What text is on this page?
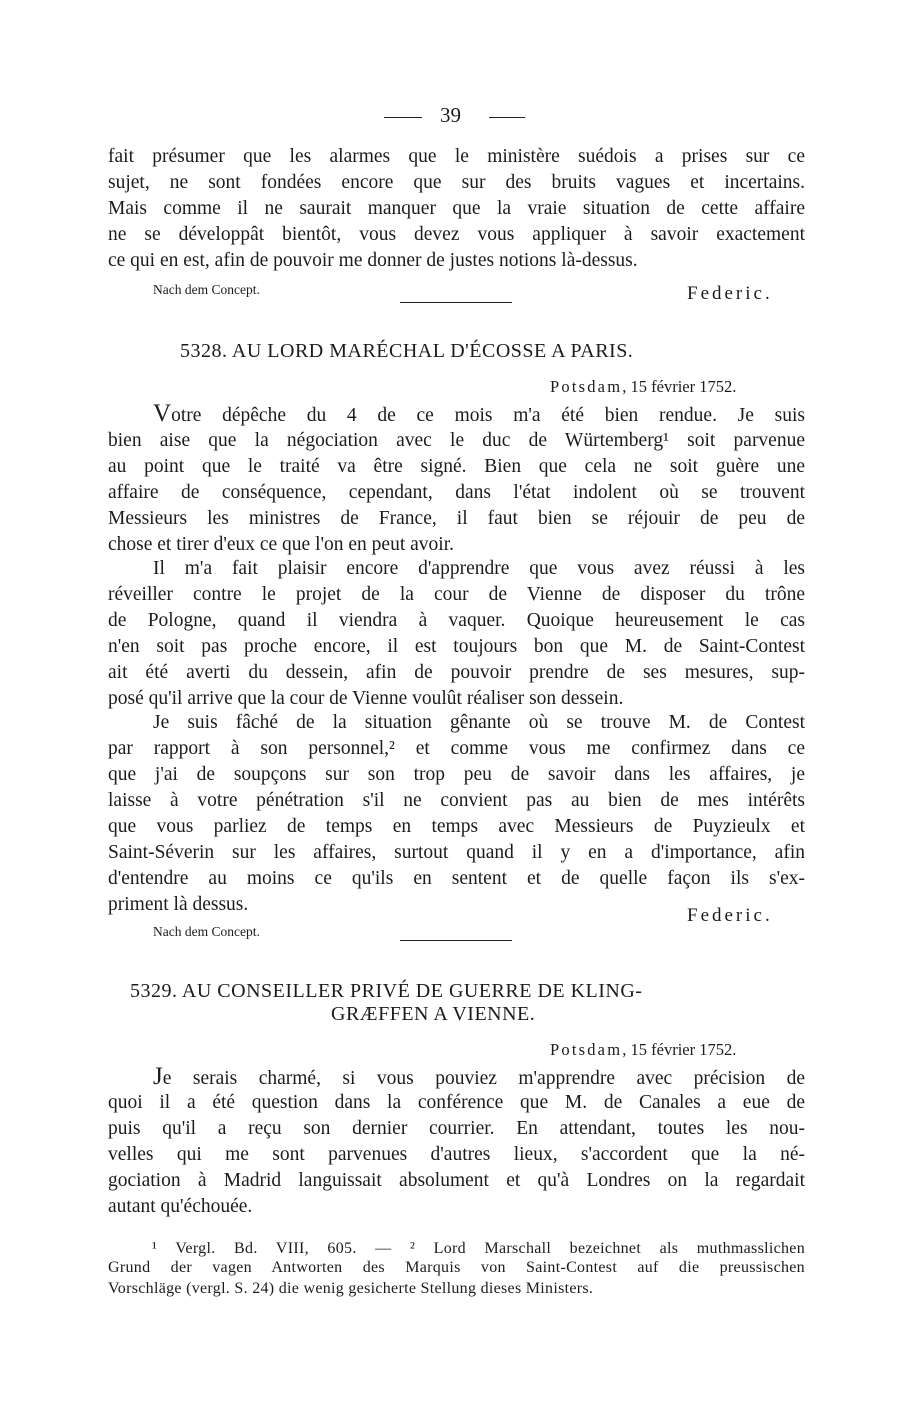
39
fait présumer que les alarmes que le ministère suédois a prises sur ce
sujet, ne sont fondées encore que sur des bruits vagues et incertains.
Mais comme il ne saurait manquer que la vraie situation de cette affaire
ne se développât bientôt, vous devez vous appliquer à savoir exactement
ce qui en est, afin de pouvoir me donner de justes notions là-dessus.
Nach dem Concept.	Federic.
5328. AU LORD MARÉCHAL D'ÉCOSSE A PARIS.
Potsdam, 15 février 1752.
Votre dépêche du 4 de ce mois m'a été bien rendue. Je suis
bien aise que la négociation avec le duc de Würtemberg¹ soit parvenue
au point que le traité va être signé. Bien que cela ne soit guère une
affaire de conséquence, cependant, dans l'état indolent où se trouvent
Messieurs les ministres de France, il faut bien se réjouir de peu de
chose et tirer d'eux ce que l'on en peut avoir.
Il m'a fait plaisir encore d'apprendre que vous avez réussi à les
réveiller contre le projet de la cour de Vienne de disposer du trône
de Pologne, quand il viendra à vaquer. Quoique heureusement le cas
n'en soit pas proche encore, il est toujours bon que M. de Saint-Contest
ait été averti du dessein, afin de pouvoir prendre de ses mesures, sup-
posé qu'il arrive que la cour de Vienne voulût réaliser son dessein.
Je suis fâché de la situation gênante où se trouve M. de Contest
par rapport à son personnel,² et comme vous me confirmez dans ce
que j'ai de soupçons sur son trop peu de savoir dans les affaires, je
laisse à votre pénétration s'il ne convient pas au bien de mes intérêts
que vous parliez de temps en temps avec Messieurs de Puyzieulx et
Saint-Séverin sur les affaires, surtout quand il y en a d'importance, afin
d'entendre au moins ce qu'ils en sentent et de quelle façon ils s'ex-
priment là dessus.
Federic.
Nach dem Concept.
5329. AU CONSEILLER PRIVÉ DE GUERRE DE KLING-
GRÆFFEN A VIENNE.
Potsdam, 15 février 1752.
Je serais charmé, si vous pouviez m'apprendre avec précision de
quoi il a été question dans la conférence que M. de Canales a eue de
puis qu'il a reçu son dernier courrier. En attendant, toutes les nou-
velles qui me sont parvenues d'autres lieux, s'accordent que la né-
gociation à Madrid languissait absolument et qu'à Londres on la regardait
autant qu'échouée.
¹ Vergl. Bd. VIII, 605. — ² Lord Marschall bezeichnet als muthmasslichen
Grund der vagen Antworten des Marquis von Saint-Contest auf die preussischen
Vorschläge (vergl. S. 24) die wenig gesicherte Stellung dieses Ministers.
